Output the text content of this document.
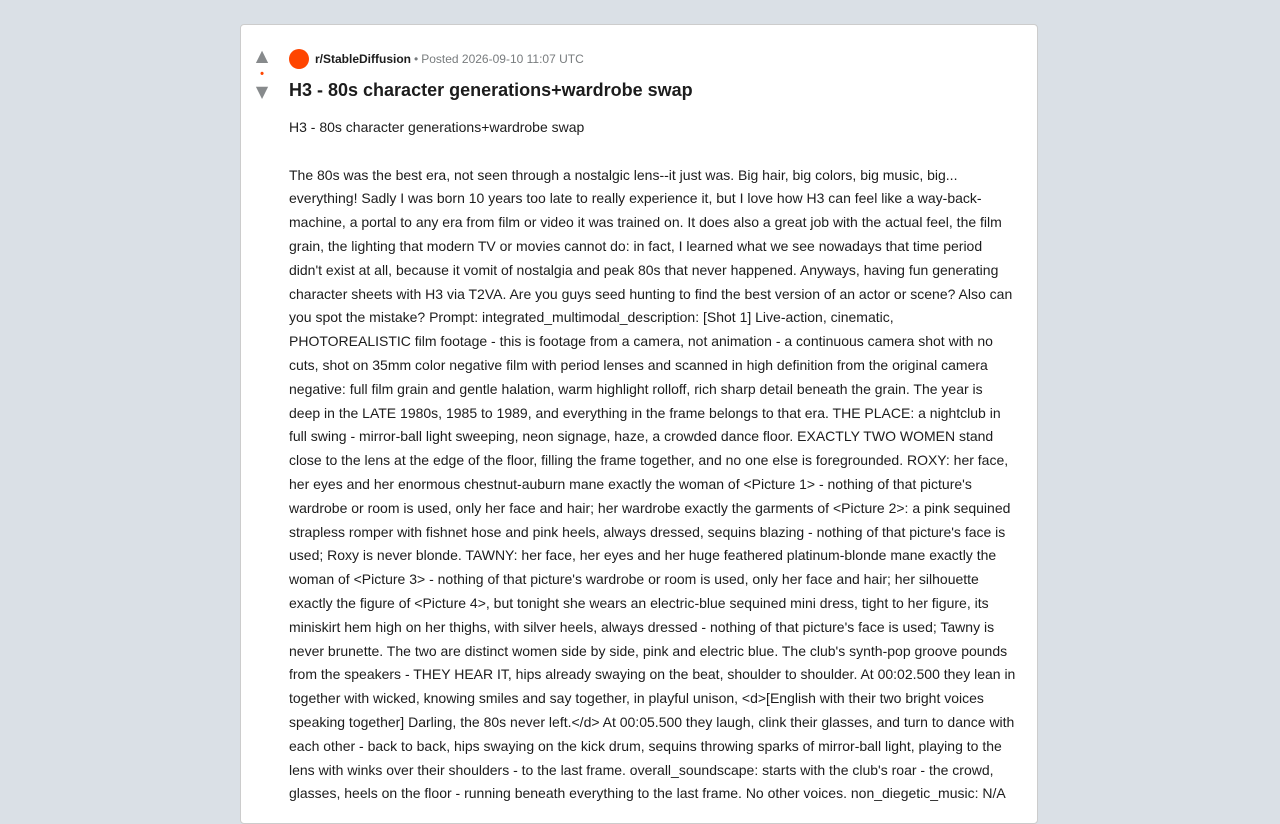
▲
•
▼
r/StableDiffusion • Posted 2026-09-10 11:07 UTC
H3 - 80s character generations+wardrobe swap
H3 - 80s character generations+wardrobe swap

The 80s was the best era, not seen through a nostalgic lens--it just was. Big hair, big colors, big music, big... everything! Sadly I was born 10 years too late to really experience it, but I love how H3 can feel like a way-back-machine, a portal to any era from film or video it was trained on. It does also a great job with the actual feel, the film grain, the lighting that modern TV or movies cannot do: in fact, I learned what we see nowadays that time period didn't exist at all, because it vomit of nostalgia and peak 80s that never happened. Anyways, having fun generating character sheets with H3 via T2VA. Are you guys seed hunting to find the best version of an actor or scene? Also can you spot the mistake? Prompt: integrated_multimodal_description: [Shot 1] Live-action, cinematic, PHOTOREALISTIC film footage - this is footage from a camera, not animation - a continuous camera shot with no cuts, shot on 35mm color negative film with period lenses and scanned in high definition from the original camera negative: full film grain and gentle halation, warm highlight rolloff, rich sharp detail beneath the grain. The year is deep in the LATE 1980s, 1985 to 1989, and everything in the frame belongs to that era. THE PLACE: a nightclub in full swing - mirror-ball light sweeping, neon signage, haze, a crowded dance floor. EXACTLY TWO WOMEN stand close to the lens at the edge of the floor, filling the frame together, and no one else is foregrounded. ROXY: her face, her eyes and her enormous chestnut-auburn mane exactly the woman of <Picture 1> - nothing of that picture's wardrobe or room is used, only her face and hair; her wardrobe exactly the garments of <Picture 2>: a pink sequined strapless romper with fishnet hose and pink heels, always dressed, sequins blazing - nothing of that picture's face is used; Roxy is never blonde. TAWNY: her face, her eyes and her huge feathered platinum-blonde mane exactly the woman of <Picture 3> - nothing of that picture's wardrobe or room is used, only her face and hair; her silhouette exactly the figure of <Picture 4>, but tonight she wears an electric-blue sequined mini dress, tight to her figure, its miniskirt hem high on her thighs, with silver heels, always dressed - nothing of that picture's face is used; Tawny is never brunette. The two are distinct women side by side, pink and electric blue. The club's synth-pop groove pounds from the speakers - THEY HEAR IT, hips already swaying on the beat, shoulder to shoulder. At 00:02.500 they lean in together with wicked, knowing smiles and say together, in playful unison, <d>[English with their two bright voices speaking together] Darling, the 80s never left.</d> At 00:05.500 they laugh, clink their glasses, and turn to dance with each other - back to back, hips swaying on the kick drum, sequins throwing sparks of mirror-ball light, playing to the lens with winks over their shoulders - to the last frame. overall_soundscape: starts with the club's roar - the crowd, glasses, heels on the floor - running beneath everything to the last frame. No other voices. non_diegetic_music: N/A
